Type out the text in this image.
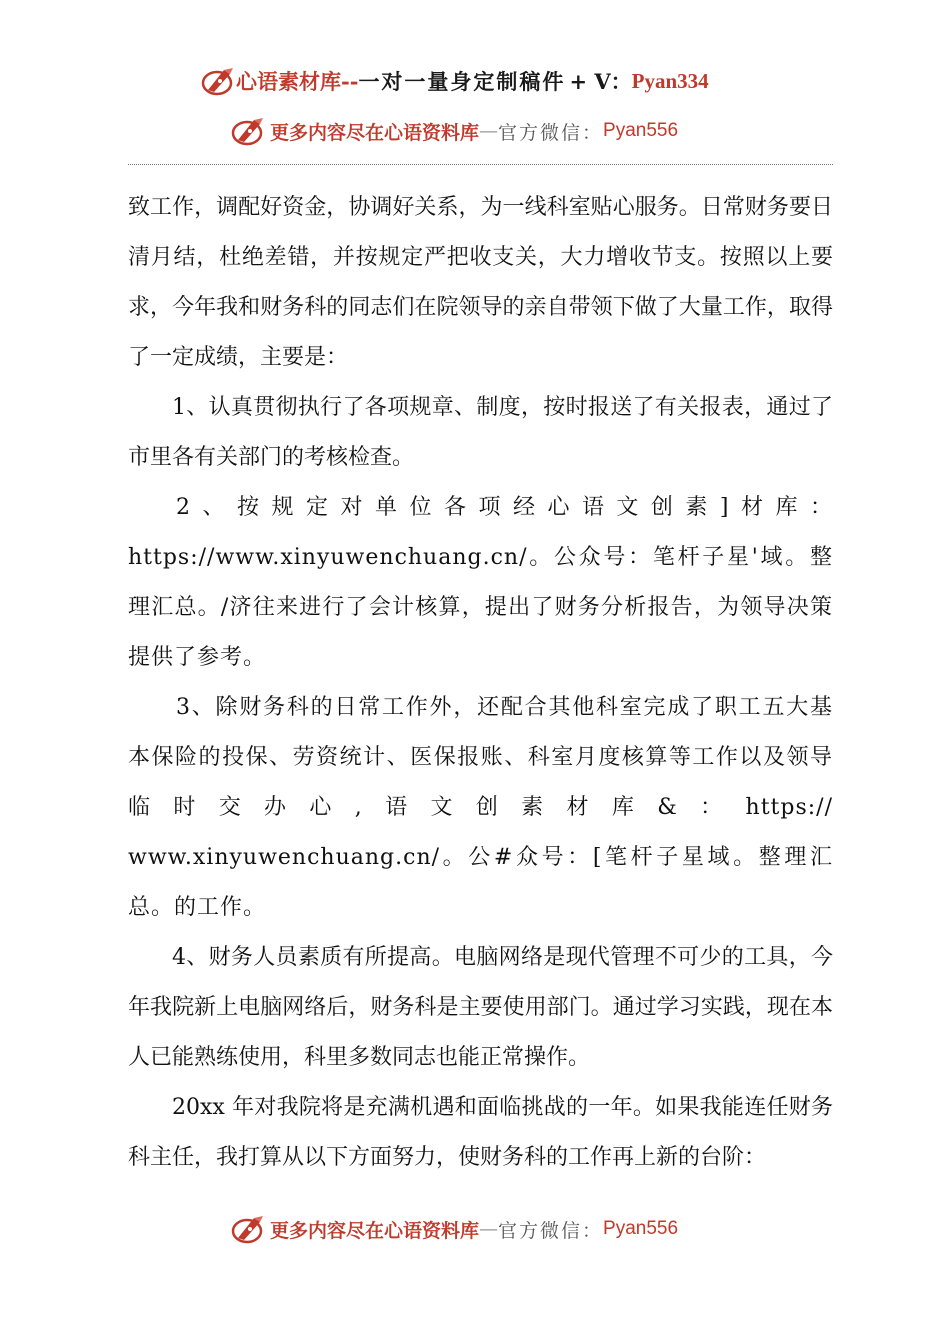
心语素材库 -- 一对一量身定制稿件 + V： Pyan334
更多内容尽在心语资料库 — 官方微信： Pyan556

致工作，调配好资金，协调好关系，为一线科室贴心服务。日常财务要日清月结，杜绝差错，并按规定严把收支关，大力增收节支。按照以上要求，今年我和财务科的同志们在院领导的亲自带领下做了大量工作，取得了一定成绩，主要是：

1、认真贯彻执行了各项规章、制度，按时报送了有关报表，通过了市里各有关部门的考核检查。

2、按规定对单位各项经心语文创素]材库：https://www.xinyuwenchuang.cn/。公众号：笔杆子星'域。整理汇总。/济往来进行了会计核算，提出了财务分析报告，为领导决策提供了参考。

3、除财务科的日常工作外，还配合其他科室完成了职工五大基本保险的投保、劳资统计、医保报账、科室月度核算等工作以及领导临时交办心,语文创素材库&：https:// www.xinyuwenchuang.cn/。公#众号：[笔杆子星域。整理汇总。的工作。

4、财务人员素质有所提高。电脑网络是现代管理不可少的工具，今年我院新上电脑网络后，财务科是主要使用部门。通过学习实践，现在本人已能熟练使用，科里多数同志也能正常操作。

20xx 年对我院将是充满机遇和面临挑战的一年。如果我能连任财务科主任，我打算从以下方面努力，使财务科的工作再上新的台阶：

更多内容尽在心语资料库 — 官方微信： Pyan556
